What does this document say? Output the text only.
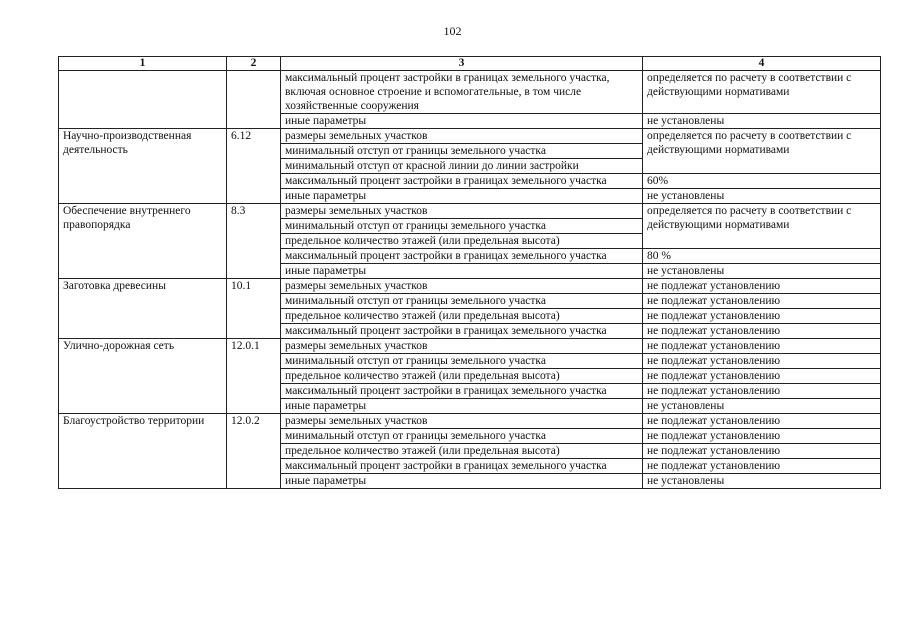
102
1	2	3	4
		максимальный процент застройки в границах земельного участка, включая основное строение и вспомогательные, в том числе хозяйственные сооружения	определяется по расчету в соответствии с действующими нормативами
		иные параметры	не установлены
Научно-производственная деятельность	6.12	размеры земельных участков	определяется по расчету в соответствии с действующими нормативами
		минимальный отступ от границы земельного участка	
		минимальный отступ от красной линии до линии застройки	
		максимальный процент застройки в границах земельного участка	60%
		иные параметры	не установлены
Обеспечение внутреннего правопорядка	8.3	размеры земельных участков	определяется по расчету в соответствии с действующими нормативами
		минимальный отступ от границы земельного участка	
		предельное количество этажей (или предельная высота)	
		максимальный процент застройки в границах земельного участка	80 %
		иные параметры	не установлены
Заготовка древесины	10.1	размеры земельных участков	не подлежат установлению
		минимальный отступ от границы земельного участка	не подлежат установлению
		предельное количество этажей (или предельная высота)	не подлежат установлению
		максимальный процент застройки в границах земельного участка	не подлежат установлению
Улично-дорожная сеть	12.0.1	размеры земельных участков	не подлежат установлению
		минимальный отступ от границы земельного участка	не подлежат установлению
		предельное количество этажей (или предельная высота)	не подлежат установлению
		максимальный процент застройки в границах земельного участка	не подлежат установлению
		иные параметры	не установлены
Благоустройство территории	12.0.2	размеры земельных участков	не подлежат установлению
		минимальный отступ от границы земельного участка	не подлежат установлению
		предельное количество этажей (или предельная высота)	не подлежат установлению
		максимальный процент застройки в границах земельного участка	не подлежат установлению
		иные параметры	не установлены
